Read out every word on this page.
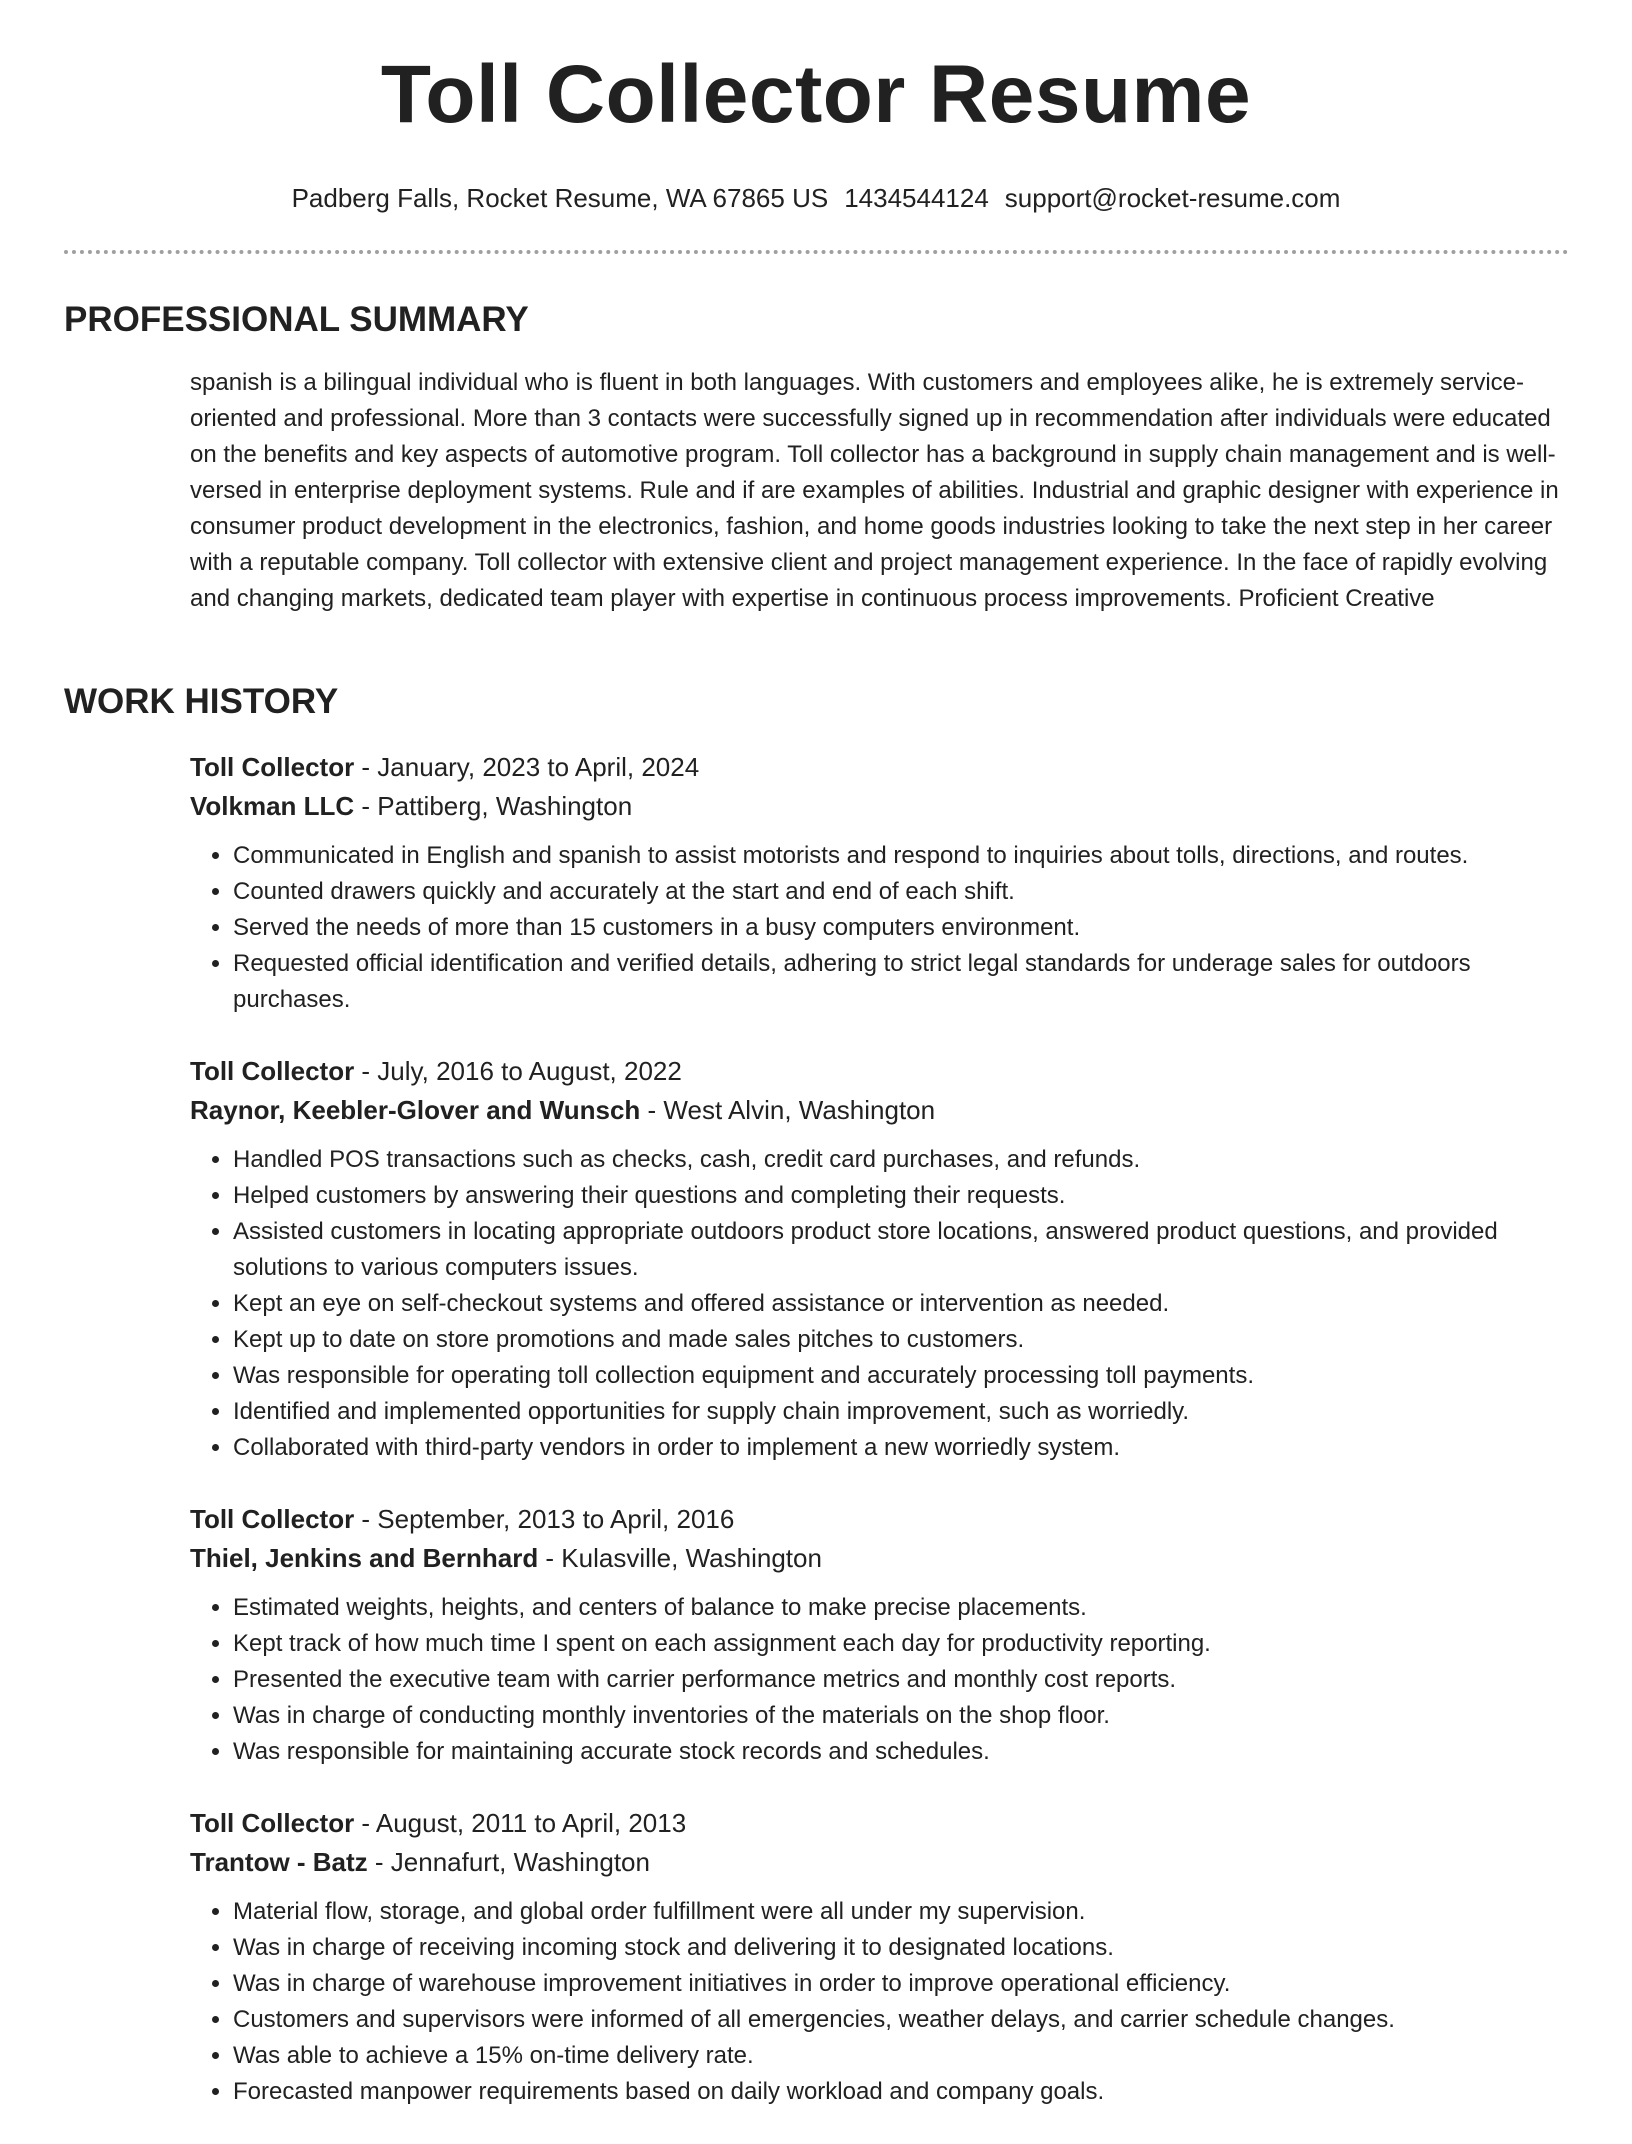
Toll Collector Resume
Padberg Falls, Rocket Resume, WA 67865 US 1434544124 support@rocket-resume.com
PROFESSIONAL SUMMARY

spanish is a bilingual individual who is fluent in both languages. With customers and employees alike, he is extremely service-oriented and professional. More than 3 contacts were successfully signed up in recommendation after individuals were educated on the benefits and key aspects of automotive program. Toll collector has a background in supply chain management and is well-versed in enterprise deployment systems. Rule and if are examples of abilities. Industrial and graphic designer with experience in consumer product development in the electronics, fashion, and home goods industries looking to take the next step in her career with a reputable company. Toll collector with extensive client and project management experience. In the face of rapidly evolving and changing markets, dedicated team player with expertise in continuous process improvements. Proficient Creative

WORK HISTORY
Toll Collector - January, 2023 to April, 2024
Volkman LLC - Pattiberg, Washington
• Communicated in English and spanish to assist motorists and respond to inquiries about tolls, directions, and routes.
• Counted drawers quickly and accurately at the start and end of each shift.
• Served the needs of more than 15 customers in a busy computers environment.
• Requested official identification and verified details, adhering to strict legal standards for underage sales for outdoors purchases.
Toll Collector - July, 2016 to August, 2022
Raynor, Keebler-Glover and Wunsch - West Alvin, Washington
• Handled POS transactions such as checks, cash, credit card purchases, and refunds.
• Helped customers by answering their questions and completing their requests.
• Assisted customers in locating appropriate outdoors product store locations, answered product questions, and provided solutions to various computers issues.
• Kept an eye on self-checkout systems and offered assistance or intervention as needed.
• Kept up to date on store promotions and made sales pitches to customers.
• Was responsible for operating toll collection equipment and accurately processing toll payments.
• Identified and implemented opportunities for supply chain improvement, such as worriedly.
• Collaborated with third-party vendors in order to implement a new worriedly system.
Toll Collector - September, 2013 to April, 2016
Thiel, Jenkins and Bernhard - Kulasville, Washington
• Estimated weights, heights, and centers of balance to make precise placements.
• Kept track of how much time I spent on each assignment each day for productivity reporting.
• Presented the executive team with carrier performance metrics and monthly cost reports.
• Was in charge of conducting monthly inventories of the materials on the shop floor.
• Was responsible for maintaining accurate stock records and schedules.
Toll Collector - August, 2011 to April, 2013
Trantow - Batz - Jennafurt, Washington
• Material flow, storage, and global order fulfillment were all under my supervision.
• Was in charge of receiving incoming stock and delivering it to designated locations.
• Was in charge of warehouse improvement initiatives in order to improve operational efficiency.
• Customers and supervisors were informed of all emergencies, weather delays, and carrier schedule changes.
• Was able to achieve a 15% on-time delivery rate.
• Forecasted manpower requirements based on daily workload and company goals.
